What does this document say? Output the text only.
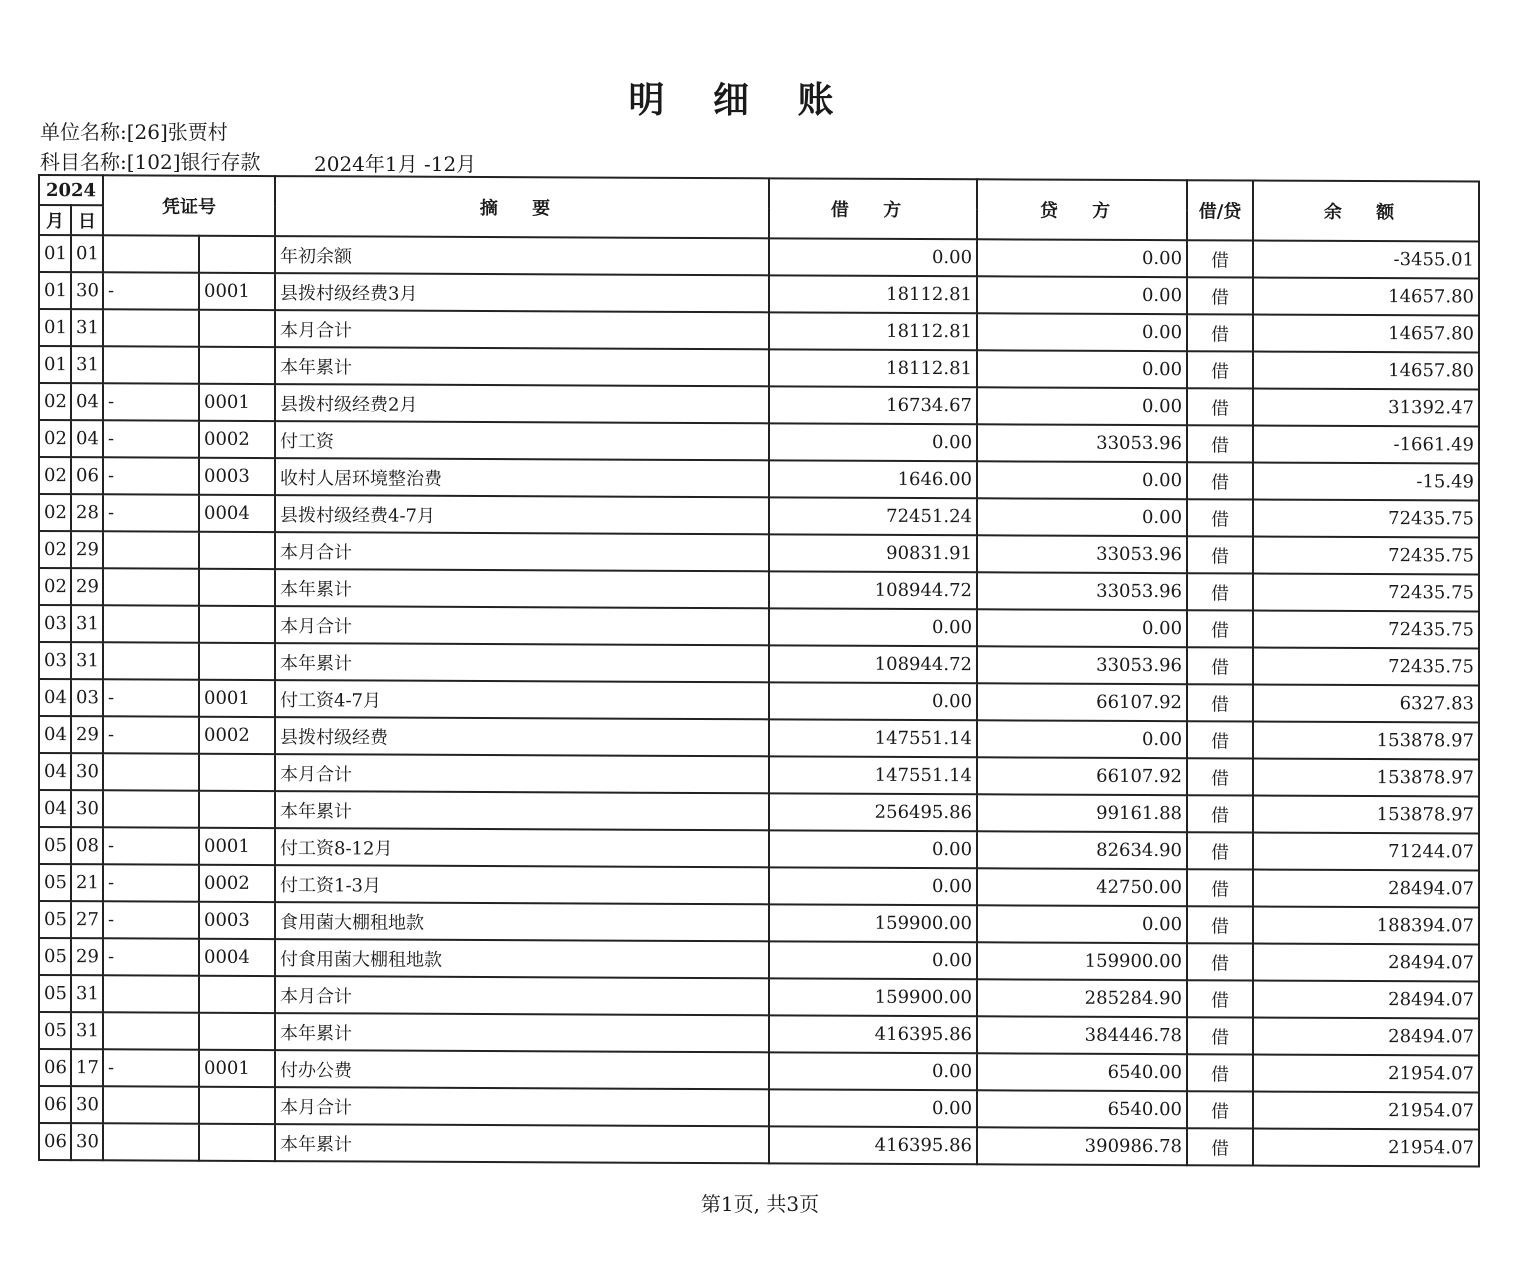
明 细 账
单位名称:[26]张贾村
科目名称:[102]银行存款	2024年1月 -12月
2024		凭证号		摘 要	借 方	贷 方	借/贷	余 额
月	日							
01	01			年初余额	0.00	0.00	借	-3455.01
01	30	-	0001	县拨村级经费3月	18112.81	0.00	借	14657.80
01	31			本月合计	18112.81	0.00	借	14657.80
01	31			本年累计	18112.81	0.00	借	14657.80
02	04	-	0001	县拨村级经费2月	16734.67	0.00	借	31392.47
02	04	-	0002	付工资	0.00	33053.96	借	-1661.49
02	06	-	0003	收村人居环境整治费	1646.00	0.00	借	-15.49
02	28	-	0004	县拨村级经费4-7月	72451.24	0.00	借	72435.75
02	29			本月合计	90831.91	33053.96	借	72435.75
02	29			本年累计	108944.72	33053.96	借	72435.75
03	31			本月合计	0.00	0.00	借	72435.75
03	31			本年累计	108944.72	33053.96	借	72435.75
04	03	-	0001	付工资4-7月	0.00	66107.92	借	6327.83
04	29	-	0002	县拨村级经费	147551.14	0.00	借	153878.97
04	30			本月合计	147551.14	66107.92	借	153878.97
04	30			本年累计	256495.86	99161.88	借	153878.97
05	08	-	0001	付工资8-12月	0.00	82634.90	借	71244.07
05	21	-	0002	付工资1-3月	0.00	42750.00	借	28494.07
05	27	-	0003	食用菌大棚租地款	159900.00	0.00	借	188394.07
05	29	-	0004	付食用菌大棚租地款	0.00	159900.00	借	28494.07
05	31			本月合计	159900.00	285284.90	借	28494.07
05	31			本年累计	416395.86	384446.78	借	28494.07
06	17	-	0001	付办公费	0.00	6540.00	借	21954.07
06	30			本月合计	0.00	6540.00	借	21954.07
06	30			本年累计	416395.86	390986.78	借	21954.07
第1页, 共3页
